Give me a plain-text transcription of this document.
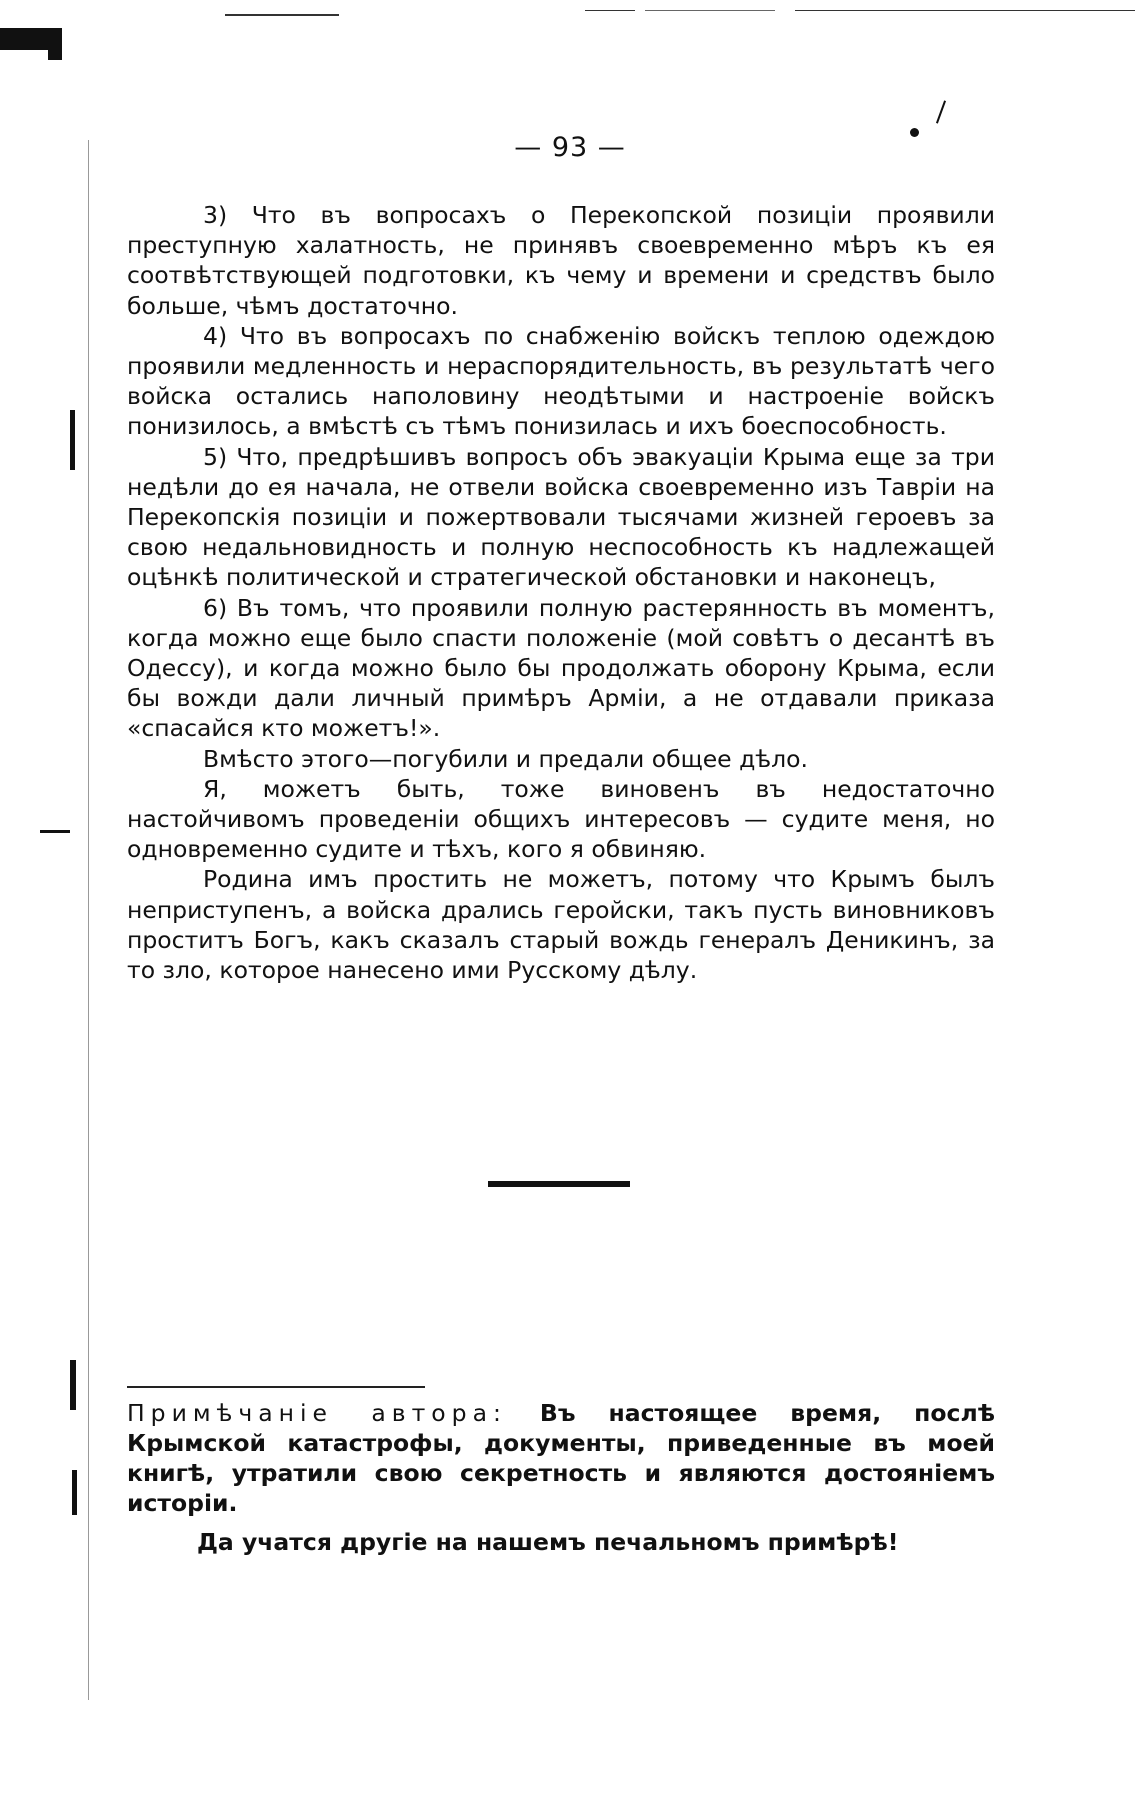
— 93 —

3) Что въ вопросахъ о Перекопской позиціи проявили преступную халатность, не принявъ своевременно мѣръ къ ея соотвѣтствующей подготовки, къ чему и времени и средствъ было больше, чѣмъ достаточно.

4) Что въ вопросахъ по снабженію войскъ теплою одеждою проявили медленность и нераспорядительность, въ результатѣ чего войска остались наполовину неодѣтыми и настроеніе войскъ понизилось, а вмѣстѣ съ тѣмъ понизилась и ихъ боеспособность.

5) Что, предрѣшивъ вопросъ объ эвакуаціи Крыма еще за три недѣли до ея начала, не отвели войска своевременно изъ Тавріи на Перекопскія позиціи и пожертвовали тысячами жизней героевъ за свою недальновидность и полную неспособность къ надлежащей оцѣнкѣ политической и стратегической обстановки и наконецъ,

6) Въ томъ, что проявили полную растерянность въ моментъ, когда можно еще было спасти положеніе (мой совѣтъ о десантѣ въ Одессу), и когда можно было бы продолжать оборону Крыма, если бы вожди дали личный примѣръ Арміи, а не отдавали приказа «спасайся кто можетъ!».

Вмѣсто этого—погубили и предали общее дѣло.

Я, можетъ быть, тоже виновенъ въ недостаточно настойчивомъ проведеніи общихъ интересовъ — судите меня, но одновременно судите и тѣхъ, кого я обвиняю.

Родина имъ простить не можетъ, потому что Крымъ былъ неприступенъ, а войска дрались геройски, такъ пусть виновниковъ проститъ Богъ, какъ сказалъ старый вождь генералъ Деникинъ, за то зло, которое нанесено ими Русскому дѣлу.

Примѣчаніе автора: Въ настоящее время, послѣ Крымской катастрофы, документы, приведенные въ моей книгѣ, утратили свою секретность и являются достояніемъ исторіи.

Да учатся другіе на нашемъ печальномъ примѣрѣ!
